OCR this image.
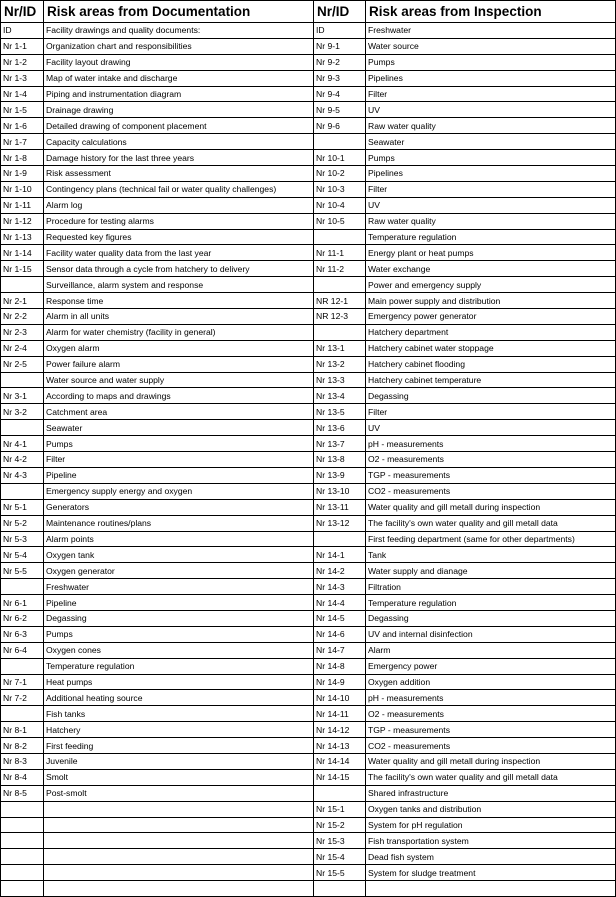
Nr/ID	Risk areas from Documentation	Nr/ID	Risk areas from Inspection
ID	Facility drawings and quality documents:	ID	Freshwater
Nr 1-1	Organization chart and responsibilities	Nr 9-1	Water source
Nr 1-2	Facility layout drawing	Nr 9-2	Pumps
Nr 1-3	Map of water intake and discharge	Nr 9-3	Pipelines
Nr 1-4	Piping and instrumentation diagram	Nr 9-4	Filter
Nr 1-5	Drainage drawing	Nr 9-5	UV
Nr 1-6	Detailed drawing of component placement	Nr 9-6	Raw water quality
Nr 1-7	Capacity calculations		Seawater
Nr 1-8	Damage history for the last three years	Nr 10-1	Pumps
Nr 1-9	Risk assessment	Nr 10-2	Pipelines
Nr 1-10	Contingency plans (technical fail or water quality challenges)	Nr 10-3	Filter
Nr 1-11	Alarm log	Nr 10-4	UV
Nr 1-12	Procedure for testing alarms	Nr 10-5	Raw water quality
Nr 1-13	Requested key figures		Temperature regulation
Nr 1-14	Facility water quality data from the last year	Nr 11-1	Energy plant or heat pumps
Nr 1-15	Sensor data through a cycle from hatchery to delivery	Nr 11-2	Water exchange
	Surveillance, alarm system and response		Power and emergency supply
Nr 2-1	Response time	NR 12-1	Main power supply and distribution
Nr 2-2	Alarm in all units	NR 12-3	Emergency power generator
Nr 2-3	Alarm for water chemistry (facility in general)		Hatchery department
Nr 2-4	Oxygen alarm	Nr 13-1	Hatchery cabinet water stoppage
Nr 2-5	Power failure alarm	Nr 13-2	Hatchery cabinet flooding
	Water source and water supply	Nr 13-3	Hatchery cabinet temperature
Nr 3-1	According to maps and drawings	Nr 13-4	Degassing
Nr 3-2	Catchment area	Nr 13-5	Filter
	Seawater	Nr 13-6	UV
Nr 4-1	Pumps	Nr 13-7	pH - measurements
Nr 4-2	Filter	Nr 13-8	O2 - measurements
Nr 4-3	Pipeline	Nr 13-9	TGP - measurements
	Emergency supply energy and oxygen	Nr 13-10	CO2 - measurements
Nr 5-1	Generators	Nr 13-11	Water quality and gill metall during inspection
Nr 5-2	Maintenance routines/plans	Nr 13-12	The facility's own water quality and gill metall data
Nr 5-3	Alarm points		First feeding department (same for other departments)
Nr 5-4	Oxygen tank	Nr 14-1	Tank
Nr 5-5	Oxygen generator	Nr 14-2	Water supply and dianage
	Freshwater	Nr 14-3	Filtration
Nr 6-1	Pipeline	Nr 14-4	Temperature regulation
Nr 6-2	Degassing	Nr 14-5	Degassing
Nr 6-3	Pumps	Nr 14-6	UV and internal disinfection
Nr 6-4	Oxygen cones	Nr 14-7	Alarm
	Temperature regulation	Nr 14-8	Emergency power
Nr 7-1	Heat pumps	Nr 14-9	Oxygen addition
Nr 7-2	Additional heating source	Nr 14-10	pH - measurements
	Fish tanks	Nr 14-11	O2 - measurements
Nr 8-1	Hatchery	Nr 14-12	TGP - measurements
Nr 8-2	First feeding	Nr 14-13	CO2 - measurements
Nr 8-3	Juvenile	Nr 14-14	Water quality and gill metall during inspection
Nr 8-4	Smolt	Nr 14-15	The facility's own water quality and gill metall data
Nr 8-5	Post-smolt		Shared infrastructure
		Nr 15-1	Oxygen tanks and distribution
		Nr 15-2	System for pH regulation
		Nr 15-3	Fish transportation system
		Nr 15-4	Dead fish system
		Nr 15-5	System for sludge treatment
